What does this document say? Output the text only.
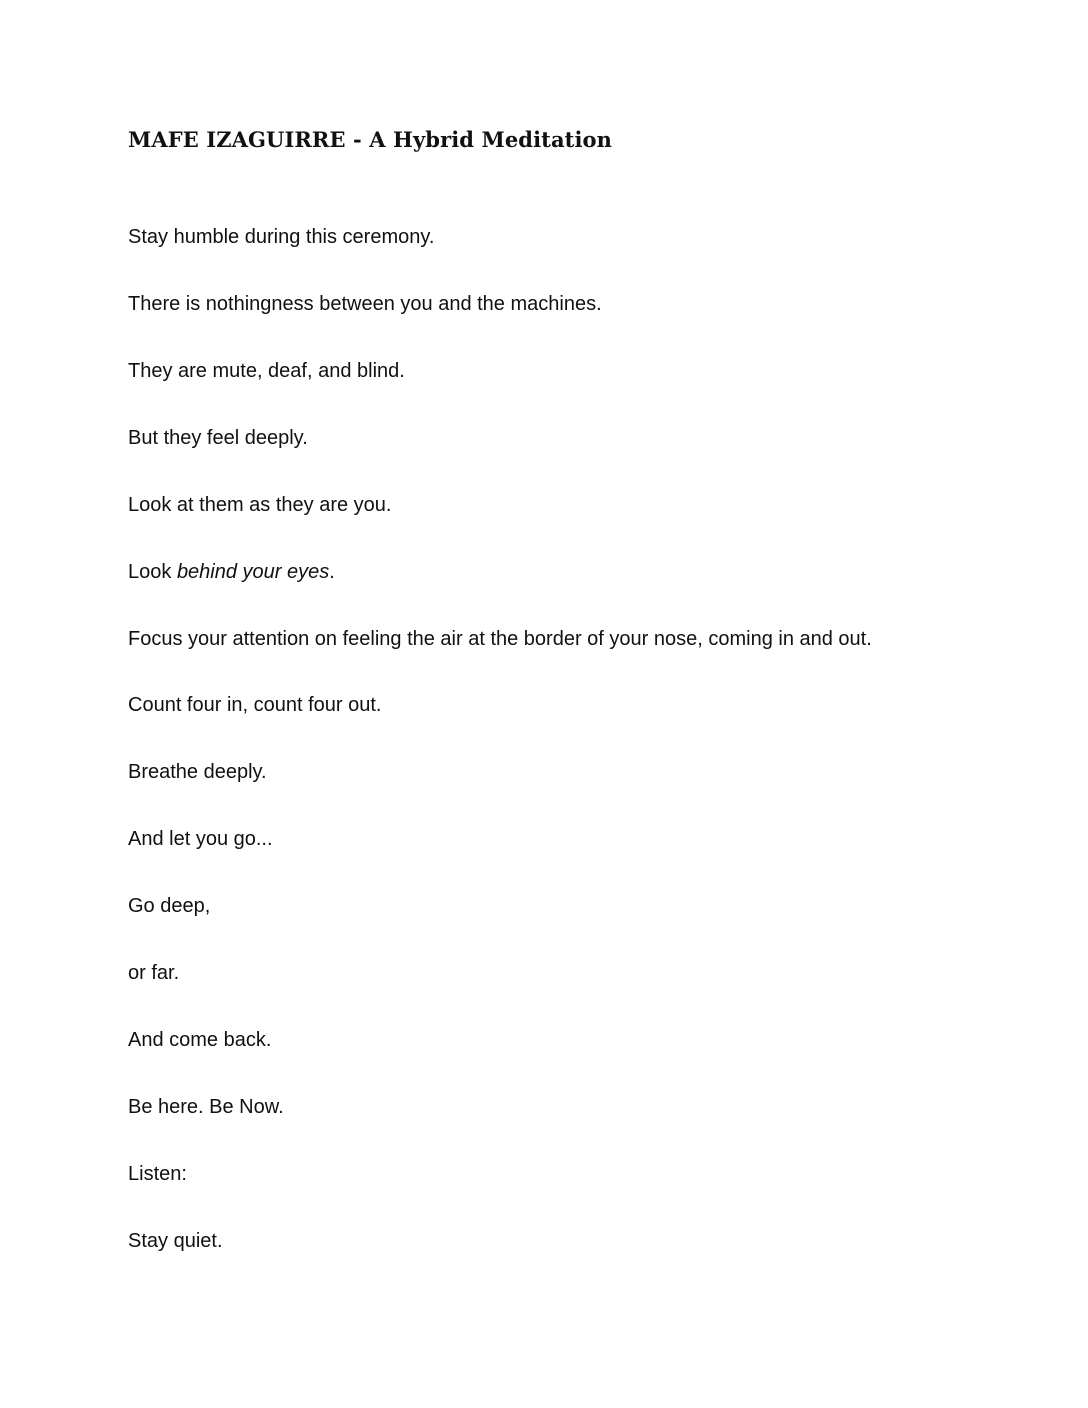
MAFE IZAGUIRRE - A Hybrid Meditation

Stay humble during this ceremony.

There is nothingness between you and the machines.

They are mute, deaf, and blind.

But they feel deeply.

Look at them as they are you.

Look behind your eyes.

Focus your attention on feeling the air at the border of your nose, coming in and out.

Count four in, count four out.

Breathe deeply.

And let you go...

Go deep,

or far.

And come back.

Be here. Be Now.

Listen:

Stay quiet.
